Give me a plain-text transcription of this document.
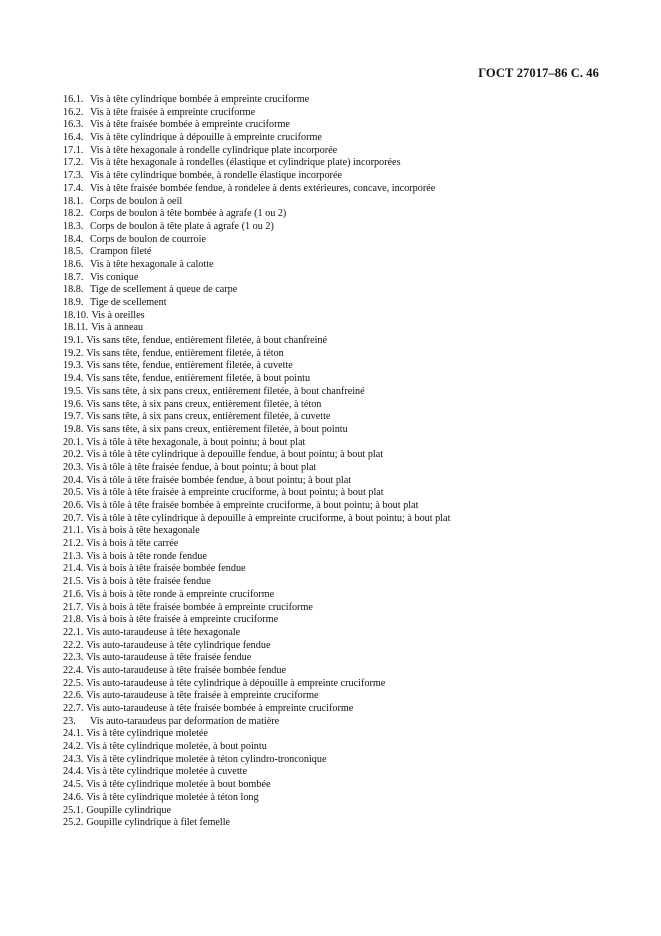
ГОСТ 27017–86 С. 46
16.1. Vis à tête cylindrique bombée à empreinte cruciforme
16.2. Vis à tête fraisée à empreinte cruciforme
16.3. Vis à tête fraisée bombée à empreinte cruciforme
16.4. Vis à tête cylindrique à dépouille à empreinte cruciforme
17.1. Vis à tête hexagonale à rondelle cylindrique plate incorporée
17.2. Vis à tête hexagonale à rondelles (élastique et cylindrique plate) incorporées
17.3. Vis à tête cylindrique bombée, à rondelle élastique incorporée
17.4. Vis à tête fraisée bombée fendue, à rondelee à dents extérieures, concave, incorporée
18.1. Corps de boulon à oeil
18.2. Corps de boulon à tête bombée à agrafe (1 ou 2)
18.3. Corps de boulon à tête plate à agrafe (1 ou 2)
18.4. Corps de boulon de courroie
18.5. Crampon fileté
18.6. Vis à tête hexagonale à calotte
18.7. Vis conique
18.8. Tige de scellement à queue de carpe
18.9. Tige de scellement
18.10. Vis à oreilles
18.11. Vis à anneau
19.1. Vis sans tête, fendue, entièrement filetée, à bout chanfreiné
19.2. Vis sans tête, fendue, entièrement filetée, à téton
19.3. Vis sans tête, fendue, entièrement filetée, à cuvette
19.4. Vis sans tête, fendue, entièrement filetée, à bout pointu
19.5. Vis sans tête, à six pans creux, entièrement filetée, à bout chanfreiné
19.6. Vis sans tête, à six pans creux, entièrement filetée, à téton
19.7. Vis sans tête, à six pans creux, entièrement filetée, à cuvette
19.8. Vis sans tête, à six pans creux, entièrement filetée, à bout pointu
20.1. Vis à tôle à tête hexagonale, à bout pointu; à bout plat
20.2. Vis à tôle à tête cylindrique à depouille fendue, à bout pointu; à bout plat
20.3. Vis à tôle à tête fraisée fendue, à bout pointu; à bout plat
20.4. Vis à tôle à tête fraisée bombée fendue, à bout pointu; à bout plat
20.5. Vis à tôle à tête fraisée à empreinte cruciforme, à bout pointu; à bout plat
20.6. Vis à tôle à tête fraisée bombée à empreinte cruciforme, à bout pointu; à bout plat
20.7. Vis à tôle à tête cylindrique à depouille à empreinte cruciforme, à bout pointu; à bout plat
21.1. Vis à bois à tête hexagonale
21.2. Vis à bois à tête carrée
21.3. Vis à bois à tête ronde fendue
21.4. Vis à bois à tête fraisée bombée fendue
21.5. Vis à bois à tête fraisée fendue
21.6. Vis à bois à tête ronde à empreinte cruciforme
21.7. Vis à bois à tête fraisée bombée à empreinte cruciforme
21.8. Vis à bois à tête fraisée à empreinte cruciforme
22.1. Vis auto-taraudeuse à tête hexagonale
22.2. Vis auto-taraudeuse à tête cylindrique fendue
22.3. Vis auto-taraudeuse à tête fraisée fendue
22.4. Vis auto-taraudeuse à tête fraisée bombée fendue
22.5. Vis auto-taraudeuse à tête cylindrique à dépouille à empreinte cruciforme
22.6. Vis auto-taraudeuse à tête fraisée à empreinte cruciforme
22.7. Vis auto-taraudeuse à tête fraisée bombée à empreinte cruciforme
23.	Vis auto-taraudeus par deformation de matière
24.1. Vis à tête cylindrique moletée
24.2. Vis à tête cylindrique moletée, à bout pointu
24.3. Vis à tête cylindrique moletée à téton cylindro-tronconique
24.4. Vis à tête cylindrique moletée à cuvette
24.5. Vis à tête cylindrique moletée à bout bombée
24.6. Vis à tête cylindrique moletée à téton long
25.1. Goupille cylindrique
25.2. Goupille cylindrique à filet femelle
